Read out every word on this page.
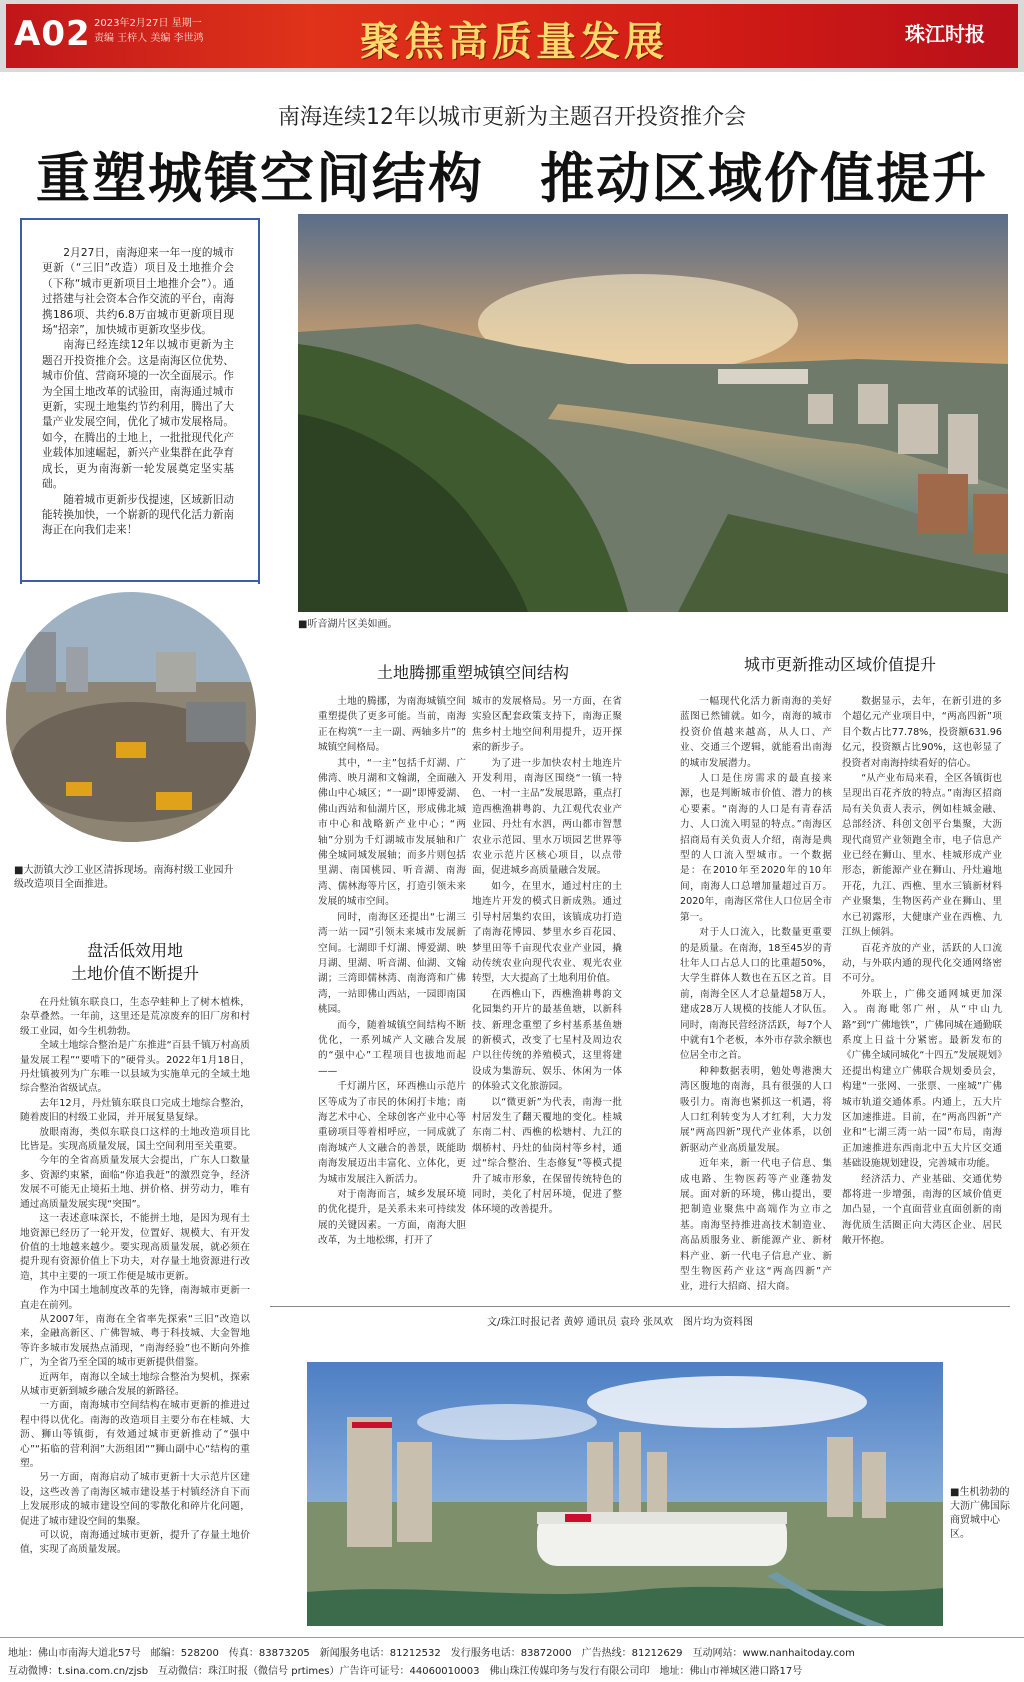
A02 2023年2月27日 星期一
责编 王梓人 美编 李世鸿	聚焦高质量发展	珠江时报
南海连续12年以城市更新为主题召开投资推介会
重塑城镇空间结构　推动区域价值提升

2月27日，南海迎来一年一度的城市更新（“三旧”改造）项目及土地推介会（下称“城市更新项目土地推介会”）。通过搭建与社会资本合作交流的平台，南海携186项、共约6.8万亩城市更新项目现场“招亲”，加快城市更新攻坚步伐。

南海已经连续12年以城市更新为主题召开投资推介会。这是南海区位优势、城市价值、营商环境的一次全面展示。作为全国土地改革的试验田，南海通过城市更新，实现土地集约节约利用，腾出了大量产业发展空间，优化了城市发展格局。如今，在腾出的土地上，一批批现代化产业载体加速崛起，新兴产业集群在此孕育成长，更为南海新一轮发展奠定坚实基础。

随着城市更新步伐提速，区域新旧动能转换加快，一个崭新的现代化活力新南海正在向我们走来！

■听音湖片区美如画。
■大沥镇大沙工业区清拆现场。南海村级工业园升级改造项目全面推进。
盘活低效用地
土地价值不断提升

在丹灶镇东联良口，生态孕蛙种上了树木植株，杂草叠然。一年前，这里还是荒凉废弃的旧厂房和村级工业园，如今生机勃勃。

全域土地综合整治是广东推进“百县千镇万村高质量发展工程”“要啃下的”硬骨头。2022年1月18日，丹灶镇被列为广东唯一以县域为实施单元的全域土地综合整治省级试点。

去年12月，丹灶镇东联良口完成土地综合整治，随着废旧的村级工业园，并开展复垦复绿。

放眼南海，类似东联良口这样的土地改造项目比比皆是。实现高质量发展，国土空间利用至关重要。

今年的全省高质量发展大会提出，广东人口数量多、资源约束紧，面临“你追我赶”的激烈竞争，经济发展不可能无止境拓土地、拼价格、拼劳动力，唯有通过高质量发展实现“突围”。

这一表述意味深长，不能拼土地，是因为现有土地资源已经历了一轮开发，位置好、规模大、有开发价值的土地越来越少。要实现高质量发展，就必须在提升现有资源价值上下功夫，对存量土地资源进行改造，其中主要的一项工作便是城市更新。

作为中国土地制度改革的先锋，南海城市更新一直走在前列。

从2007年，南海在全省率先探索“三旧”改造以来，金融高新区、广佛智城、粤于科技城、大金智地等许多城市发展热点涌现，“南海经验”也不断向外推广，为全省乃至全国的城市更新提供借鉴。

近两年，南海以全域土地综合整治为契机，探索从城市更新到城乡融合发展的新路径。

一方面，南海城市空间结构在城市更新的推进过程中得以优化。南海的改造项目主要分布在桂城、大沥、狮山等镇街，有效通过城市更新推动了“强中心”“拓临的营利润”大沥组团“”狮山副中心“结构的重塑。

另一方面，南海启动了城市更新十大示范片区建设，这些改善了南海区城市建设基于村镇经济自下而上发展形成的城市建设空间的零散化和碎片化问题，促进了城市建设空间的集聚。

可以说，南海通过城市更新，提升了存量土地价值，实现了高质量发展。

土地腾挪重塑城镇空间结构

土地的腾挪，为南海城镇空间重塑提供了更多可能。当前，南海正在构筑“一主一副、两轴多片”的城镇空间格局。

其中，“一主”包括千灯湖、广佛湾、映月湖和文翰湖，全面融入佛山中心城区；“一副”即博爱湖、佛山西站和仙湖片区，形成佛北城市中心和战略新产业中心；“两轴”分别为千灯湖城市发展轴和广佛全城同城发展轴；而多片则包括里湖、南国桃园、听音湖、南海湾、儒林海等片区，打造引领未来发展的城市空间。

同时，南海区还提出“七湖三湾一站一园”引领未来城市发展新空间。七湖即千灯湖、博爱湖、映月湖、里湖、听音湖、仙湖、文翰湖；三湾即儒林湾、南海湾和广佛湾，一站即佛山西站，一园即南国桃园。

而今，随着城镇空间结构不断优化，一系列城产人文融合发展的“强中心”工程项目也拔地而起——

千灯湖片区，环西樵山示范片区等成为了市民的休闲打卡地；南海艺术中心、全球创客产业中心等重磅项目等着相呼应，一同成就了南海城产人文融合的善景，既能助南海发展迈出丰富化、立体化，更为城市发展注入新活力。

对于南海而言，城乡发展环境的优化提升，是关系未来可持续发展的关键因素。一方面，南海大胆改革，为土地松绑，打开了

城市的发展格局。另一方面，在省实验区配套政策支持下，南海正聚焦乡村土地空间利用提升，迈开探索的新步子。

为了进一步加快农村土地连片开发利用，南海区围绕“一镇一特色、一村一主品”发展思路，重点打造西樵渔耕粤韵、九江观代农业产业园、丹灶有水泗，两山都市智慧农业示范园、里水万顷园艺世界等农业示范片区核心项目，以点带面，促进城乡高质量融合发展。

如今，在里水，通过村庄的土地连片开发的模式日新成熟。通过引导村居集约农田，该镇成功打造了南海花博园、梦里水乡百花园、梦里田等千亩现代农业产业园，撬动传统农业向现代农业、观光农业转型，大大提高了土地利用价值。

在西樵山下，西樵渔耕粤韵文化园集约开片的最基鱼塘，以新科技、新理念重塑了乡村基系基鱼塘的新模式，改变了七星村及周边农户以往传统的养殖模式，这里将建设成为集游玩、娱乐、休闲为一体的体验式文化旅游园。

以“微更新”为代表，南海一批村居发生了翻天覆地的变化。桂城东南二村、西樵的松塘村、九江的烟桥村、丹灶的仙岗村等乡村，通过“综合整治、生态修复”等模式提升了城市形象，在保留传统特色的同时，美化了村居环境，促进了整体环境的改善提升。

城市更新推动区域价值提升

一幅现代化活力新南海的美好蓝图已然铺就。如今，南海的城市投资价值越来越高，从人口、产业、交通三个逻辑，就能看出南海的城市发展潜力。

人口是住房需求的最直接来源，也是判断城市价值、潜力的核心要素。“南海的人口是有青春活力、人口流入明显的特点。”南海区招商局有关负责人介绍，南海是典型的人口流入型城市。一个数据是：在2010年至2020年的10年间，南海人口总增加量超过百万。2020年，南海区常住人口位居全市第一。

对于人口流入，比数量更重要的是质量。在南海，18至45岁的青壮年人口占总人口的比重超50%，大学生群体人数也在五区之首。目前，南海全区人才总量超58万人，建成28万人规模的技能人才队伍。同时，南海民营经济活跃，每7个人中就有1个老板，本外市存款余额也位居全市之首。

种种数据表明，勉处粤港澳大湾区腹地的南海，具有很强的人口吸引力。南海也紧抓这一机遇，将人口红利转变为人才红利，大力发展“两高四新”现代产业体系，以创新驱动产业高质量发展。

近年来，新一代电子信息、集成电路、生物医药等产业蓬勃发展。面对新的环境，佛山提出，要把制造业聚焦中高端作为立市之基。南海坚持推进高技术制造业、高品质服务业、新能源产业、新材料产业、新一代电子信息产业、新型生物医药产业这“两高四新”产业，进行大招商、招大商。

数据显示，去年，在新引进的多个超亿元产业项目中，“两高四新”项目个数占比77.78%，投资额631.96亿元，投资额占比90%，这也彰显了投资者对南海持续看好的信心。

“从产业布局来看，全区各镇街也呈现出百花齐放的特点。”南海区招商局有关负责人表示，例如桂城金融、总部经济、科创文创平台集聚，大沥现代商贸产业领跑全市，电子信息产业已经在狮山、里水、桂城形成产业形态，新能源产业在狮山、丹灶遍地开花，九江、西樵、里水三镇新材料产业聚集，生物医药产业在狮山、里水已初露形，大健康产业在西樵、九江纵上倾斜。

百花齐放的产业，活跃的人口流动，与外联内通的现代化交通网络密不可分。

外联上，广佛交通网城更加深入。南海毗邻广州，从“中山九路”到“广佛地铁”，广佛同城在通勤联系度上日益十分紧密。最新发布的《广佛全域同城化“十四五”发展规划》还提出构建立广佛联合规划委员会，构建“一张网、一张票、一座城”广佛城市轨道交通体系。内通上，五大片区加速推进。目前，在“两高四新”产业和“七湖三湾一站一园”布局，南海正加速推进东西南北中五大片区交通基础设施规划建设，完善城市功能。

经济活力、产业基础、交通优势都将进一步增强，南海的区域价值更加凸显，一个直面营业直面创新的南海优质生活圈正向大湾区企业、居民敞开怀抱。

文/珠江时报记者 黄婷 通讯员 袁玲 张凤欢　图片均为资料图
■生机勃勃的大沥广佛国际商贸城中心区。
地址：佛山市南海大道北57号　邮编：528200　传真：83873205　新闻服务电话：81212532　发行服务电话：83872000　广告热线：81212629　互动网站：www.nanhaitoday.com
互动微博：t.sina.com.cn/zjsb　互动微信：珠江时报（微信号 prtimes）广告许可证号：44060010003　佛山珠江传媒印务与发行有限公司印　地址：佛山市禅城区港口路17号
